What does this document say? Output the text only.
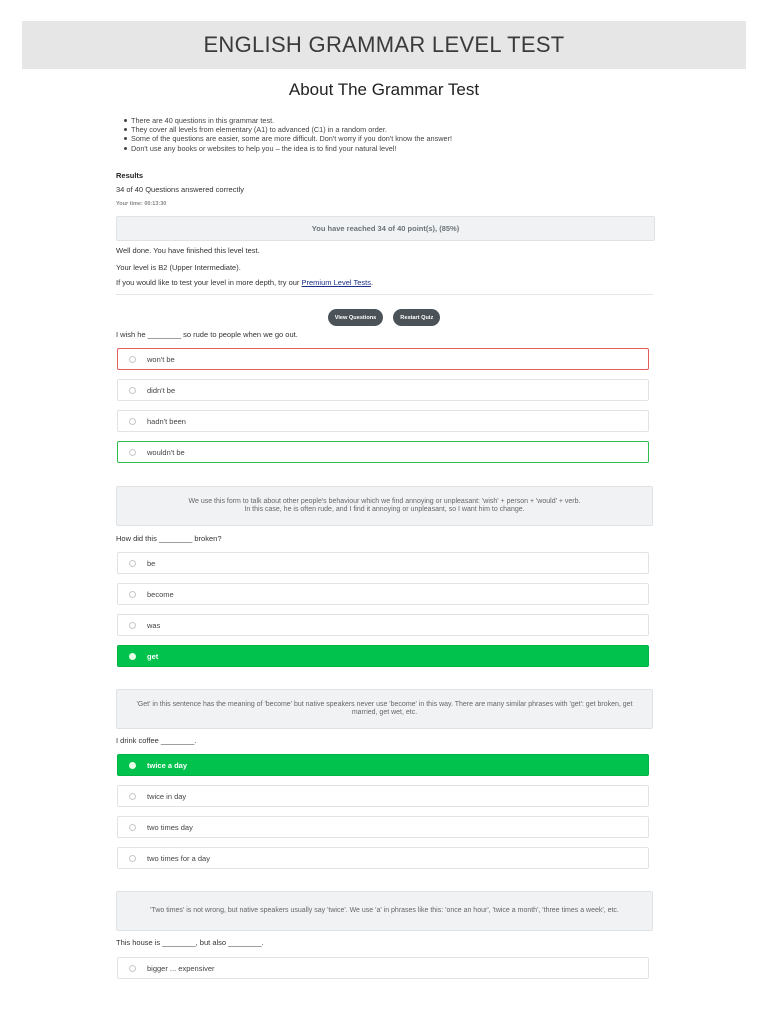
ENGLISH GRAMMAR LEVEL TEST
About The Grammar Test
There are 40 questions in this grammar test.
They cover all levels from elementary (A1) to advanced (C1) in a random order.
Some of the questions are easier, some are more difficult. Don't worry if you don't know the answer!
Don't use any books or websites to help you – the idea is to find your natural level!
Results
34 of 40 Questions answered correctly
Your time: 00:13:30
You have reached 34 of 40 point(s), (85%)
Well done. You have finished this level test.
Your level is B2 (Upper Intermediate).
If you would like to test your level in more depth, try our Premium Level Tests.
View Questions	Restart Quiz
I wish he ________ so rude to people when we go out.
won't be
didn't be
hadn't been
wouldn't be
We use this form to talk about other people's behaviour which we find annoying or unpleasant: 'wish' + person + 'would' + verb.
In this case, he is often rude, and I find it annoying or unpleasant, so I want him to change.
How did this ________ broken?
be
become
was
get
'Get' in this sentence has the meaning of 'become' but native speakers never use 'become' in this way. There are many similar phrases with 'get': get broken, get married, get wet, etc.
I drink coffee ________.
twice a day
twice in day
two times day
two times for a day
'Two times' is not wrong, but native speakers usually say 'twice'. We use 'a' in phrases like this: 'once an hour', 'twice a month', 'three times a week', etc.
This house is ________, but also ________.
bigger ... expensiver
